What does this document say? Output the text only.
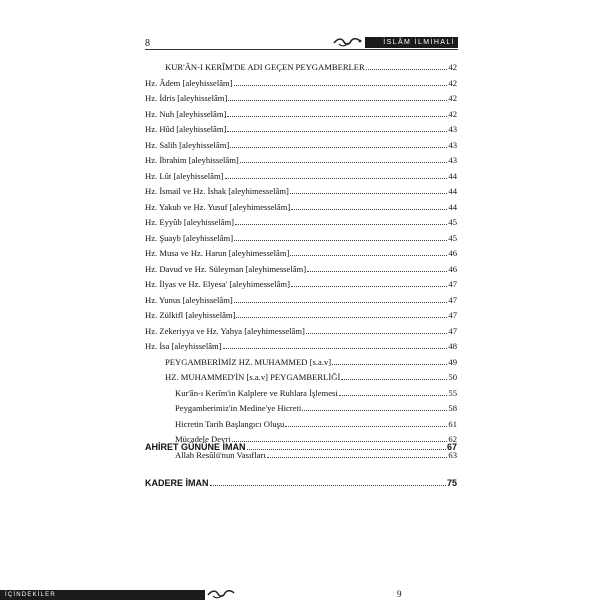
8	İSLÂM İLMİHALİ
KUR'ÂN-I KERÎM'DE ADI GEÇEN PEYGAMBERLER	42
Hz. Âdem [aleyhisselâm]	42
Hz. İdris [aleyhisselâm]	42
Hz. Nuh [aleyhisselâm]	42
Hz. Hûd [aleyhisselâm]	43
Hz. Salih [aleyhisselâm]	43
Hz. İbrahim [aleyhisselâm]	43
Hz. Lût [aleyhisselâm]	44
Hz. İsmail ve Hz. İshak [aleyhimesselâm]	44
Hz. Yakub ve Hz. Yusuf [aleyhimesselâm]	44
Hz. Eyyûb [aleyhisselâm]	45
Hz. Şuayb [aleyhisselâm]	45
Hz. Musa ve Hz. Harun [aleyhimesselâm]	46
Hz. Davud ve Hz. Süleyman [aleyhimesselâm]	46
Hz. İlyas ve Hz. Elyesa' [aleyhimesselâm]	47
Hz. Yunus [aleyhisselâm]	47
Hz. Zülkifl [aleyhisselâm]	47
Hz. Zekeriyya ve Hz. Yahya [aleyhimesselâm]	47
Hz. İsa [aleyhisselâm]	48
PEYGAMBERİMİZ HZ. MUHAMMED [s.a.v]	49
HZ. MUHAMMED'İN [s.a.v] PEYGAMBERLİĞİ	50
Kur'ân-ı Kerîm'in Kalplere ve Ruhlara İşlemesi	55
Peygamberimiz'in Medine'ye Hicreti	58
Hicretin Tarih Başlangıcı Oluşu	61
Mücadele Devri	62
Allah Resûlü'nun Vasıfları	63
AHİRET GÜNÜNE İMAN	67
KADERE İMAN	75
İÇİNDEKİLER	9
